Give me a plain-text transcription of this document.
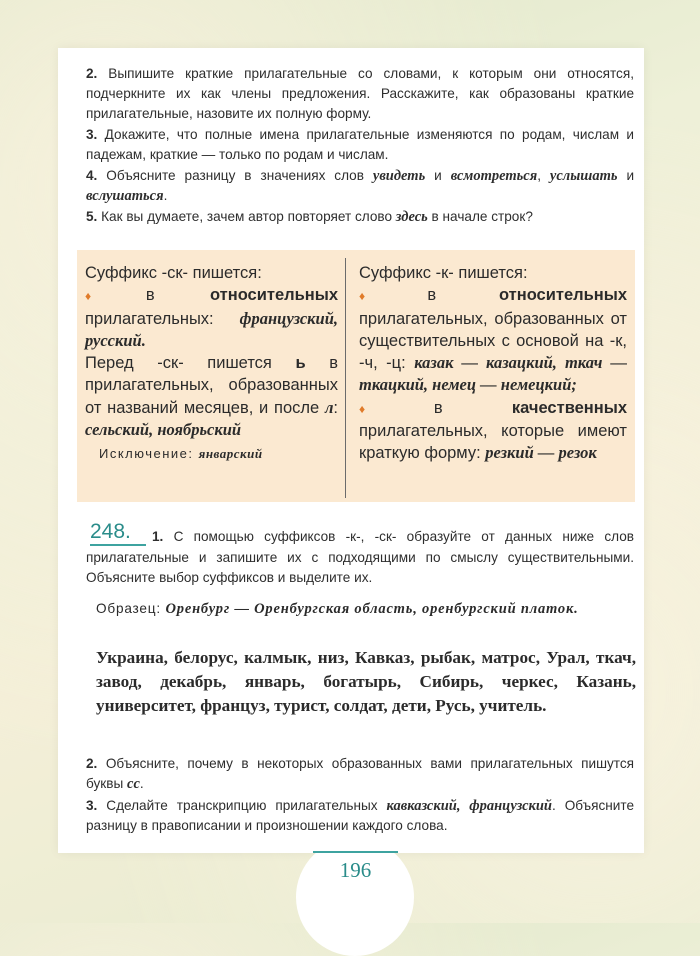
2. Выпишите краткие прилагательные со словами, к которым они относятся, подчеркните их как члены предложения. Расскажите, как образованы краткие прилагательные, назовите их полную форму.
3. Докажите, что полные имена прилагательные изменяются по родам, числам и падежам, краткие — только по родам и числам.
4. Объясните разницу в значениях слов увидеть и всмотреться, услышать и вслушаться.
5. Как вы думаете, зачем автор повторяет слово здесь в начале строк?
Суффикс -ск- пишется:
♦ в	относительных прилагательных: французский, русский.
Перед -ск- пишется ь в прилагательных, образованных от названий месяцев, и после л: сельский, ноябрьский
Исключение: январский
Суффикс -к- пишется:
♦ в	относительных прилагательных, образованных от существительных с основой на -к, -ч, -ц: казак — казацкий, ткач — ткацкий, немец — немецкий;
♦ в	качественных прилагательных, которые имеют краткую форму: резкий — резок
248.	1. С помощью суффиксов -к-, -ск- образуйте от данных ниже слов прилагательные и запишите их с подходящими по смыслу существительными. Объясните выбор суффиксов и выделите их.
Образец: Оренбург — Оренбургская область, оренбургский платок.
Украина, белорус, калмык, низ, Кавказ, рыбак, матрос, Урал, ткач, завод, декабрь, январь, богатырь, Сибирь, черкес, Казань, университет, француз, турист, солдат, дети, Русь, учитель.
2. Объясните, почему в некоторых образованных вами прилагательных пишутся буквы сс.
3. Сделайте транскрипцию прилагательных кавказский, французский. Объясните разницу в правописании и произношении каждого слова.
196
